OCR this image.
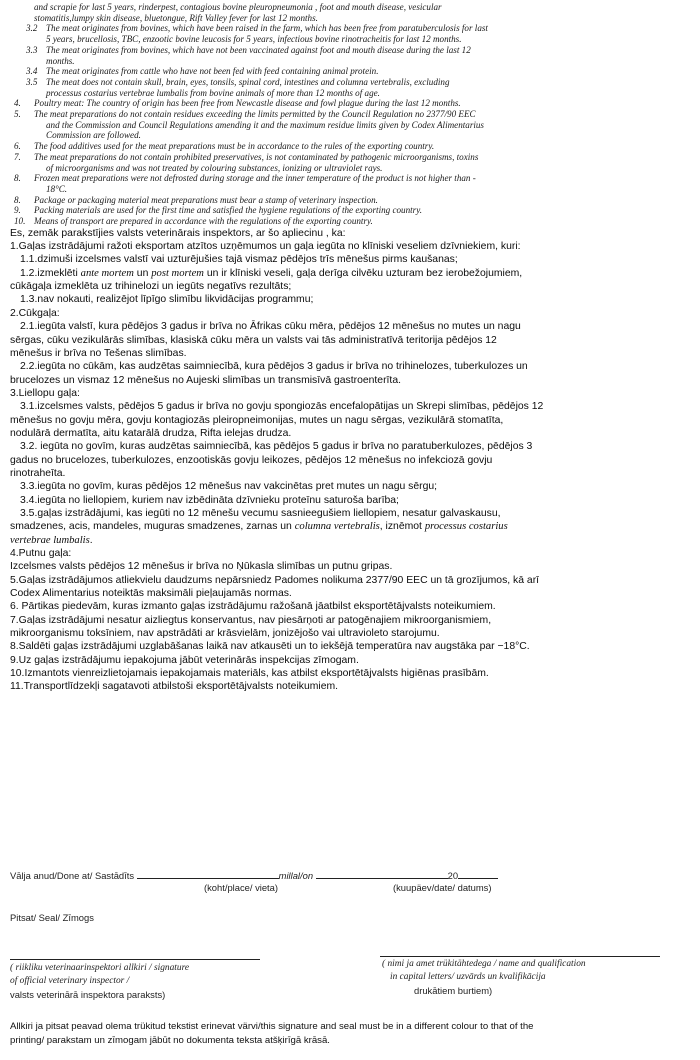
and scrapie for last 5 years, rinderpest, contagious bovine pleuropneumonia , foot and mouth disease, vesicular
stomatitis,lumpy skin disease, bluetongue, Rift Valley fever for last 12 months.
3.2 The meat originates from bovines, which have been raised in the farm, which has been free from paratuberculosis for last
5 years, brucellosis, TBC, enzootic bovine leucosis for 5 years, infectious bovine rinotracheitis for last 12 months.
3.3 The meat originates from bovines, which have not been vaccinated against foot and mouth disease during the last 12
months.
3.4 The meat originates from cattle who have not been fed with feed containing animal protein.
3.5 The meat does not contain skull, brain, eyes, tonsils, spinal cord, intestines and columna vertebralis, excluding
processus costarius vertebrae lumbalis from bovine animals of more than 12 months of age.
4. Poultry meat: The country of origin has been free from Newcastle disease and fowl plague during the last 12 months.
5. The meat preparations do not contain residues exceeding the limits permitted by the Council Regulation no 2377/90 EEC
and the Commission and Council Regulations amending it and the maximum residue limits given by Codex Alimentarius
Commission are followed.
6. The food additives used for the meat preparations must be in accordance to the rules of the exporting country.
7. The meat preparations do not contain prohibited preservatives, is not contaminated by pathogenic microorganisms, toxins
of microorganisms and was not treated by colouring substances, ionizing or ultraviolet rays.
8. Frozen meat preparations were not defrosted during storage and the inner temperature of the product is not higher than -
18°C.
8. Package or packaging material meat preparations must bear a stamp of veterinary inspection.
9. Packing materials are used for the first time and satisfied the hygiene regulations of the exporting country.
10. Means of transport are prepared in accordance with the regulations of the exporting country.
Es, zemāk parakstījies valsts veterinārais inspektors, ar šo apliecinu , ka:
1.Gaļas izstrādājumi ražoti eksportam atzītos uzņēmumos un gaļa iegūta no klīniski veseliem dzīvniekiem, kuri:
1.1.dzimuši izcelsmes valstī vai uzturējušies tajā vismaz pēdējos trīs mēnešus pirms kaušanas;
1.2.izmeklēti ante mortem un post mortem un ir klīniski veseli, gaļa derīga cilvēku uzturam bez ierobežojumiem,
cūkāgaļa izmeklēta uz trihinelozi un iegūts negatīvs rezultāts;
1.3.nav nokauti, realizējot līpīgo slimību likvidācijas programmu;
2.Cūkgaļa:
2.1.iegūta valstī, kura pēdējos 3 gadus ir brīva no Āfrikas cūku mēra, pēdējos 12 mēnešus no mutes un nagu
sērgas, cūku vezikulārās slimības, klasiskā cūku mēra un valsts vai tās administratīvā teritorija pēdējos 12
mēnešus ir brīva no Tešenas slimības.
2.2.iegūta no cūkām, kas audzētas saimniecībā, kura pēdējos 3 gadus ir brīva no trihinelozes, tuberkulozes un
brucelozes un vismaz 12 mēnešus no Aujeski slimības un transmisīvā gastroenterīta.
3.Liellopu gaļa:
3.1.izcelsmes valsts, pēdējos 5 gadus ir brīva no govju spongiozās encefalopātijas un Skrepi slimības, pēdējos 12
mēnešus no govju mēra, govju kontagiozās pleiropneimonijas, mutes un nagu sērgas, vezikulārā stomatīta,
nodulārā dermatīta, aitu katarālā drudza, Rifta ielejas drudza.
3.2. iegūta no govīm, kuras audzētas saimniecībā, kas pēdējos 5 gadus ir brīva no paratuberkulozes, pēdējos 3
gadus no brucelozes, tuberkulozes, enzootiskās govju leikozes, pēdējos 12 mēnešus no infekciozā govju
rinotraheīta.
3.3.iegūta no govīm, kuras pēdējos 12 mēnešus nav vakcinētas pret mutes un nagu sērgu;
3.4.iegūta no liellopiem, kuriem nav izbēdināta dzīvnieku proteīnu saturoša barība;
3.5.gaļas izstrādājumi, kas iegūti no 12 mēnešu vecumu sasnieegušiem liellopiem, nesatur galvaskausu,
smadzenes, acis, mandeles, muguras smadzenes, zarnas un columna vertebralis, iznēmot processus costarius
vertebrae lumbalis.
4.Putnu gaļa:
Izcelsmes valsts pēdējos 12 mēnešus ir brīva no Ņūkasla slimības un putnu gripas.
5.Gaļas izstrādājumos atliekvielu daudzums nepārsniedz Padomes nolikuma 2377/90 EEC un tā grozījumos, kā arī
Codex Alimentarius noteiktās maksimāli pieļaujamās normas.
6. Pārtikas piedevām, kuras izmanto gaļas izstrādājumu ražošanā jāatbilst eksportētājvalsts noteikumiem.
7.Gaļas izstrādājumi nesatur aizliegtus konservantus, nav piesārņoti ar patogēnajiem mikroorganismiem,
mikroorganismu toksīniem, nav apstrādāti ar krāsvielām, jonizējošo vai ultravioleto starojumu.
8.Saldēti gaļas izstrādājumi uzglabāšanas laikā nav atkausēti un to iekšējā temperatūra nav augstāka par −18°C.
9.Uz gaļas izstrādājumu iepakojuma jābūt veterinārās inspekcijas zīmogam.
10.Izmantots vienreizlietojamais iepakojamais materiāls, kas atbilst eksportētājvalsts higiēnas prasībām.
11.Transportlīdzekļi sagatavoti atbilstoši eksportētājvalsts noteikumiem.
Vālja anud/Done at/ Sastādīts	millal/on	20
(koht/place/ vieta)	(kuupäev/date/ datums)
Pitsat/ Seal/ Zīmogs
( riikliku veterinaarinspektori allkiri / signature
of official veterinary inspector /
valsts veterinārā inspektora paraksts)
( nimi ja amet trükitähtedega / name and qualification
in capital letters/ uzvārds un kvalifikācija
drukātiem burtiem)
Allkiri ja pitsat peavad olema trükitud tekstist erinevat värvi/this signature and seal must be in a different colour to that of the
printing/ parakstam un zīmogam jābūt no dokumenta teksta atšķirīgā krāsā.
